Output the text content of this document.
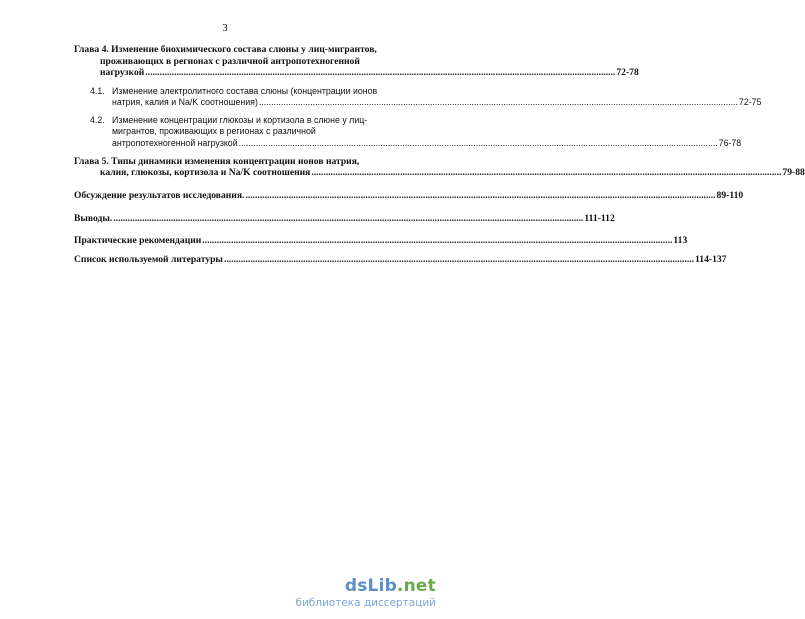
3
Глава 4. Изменение биохимического состава слюны у лиц-мигрантов,
проживающих в регионах с различной антропотехногенной
нагрузкой .....	72-78
4.1. Изменение электролитного состава слюны (концентрации ионов
натрия, калия и Na/K соотношения) .....	72-75
4.2. Изменение концентрации глюкозы и кортизола в слюне у лиц-
мигрантов, проживающих в регионах с различной
антропотехногенной нагрузкой .....	76-78
Глава 5. Типы динамики изменения концентрации ионов натрия,
калия, глюкозы, кортизола и Na/K соотношения .....	79-88
Обсуждение результатов исследования. .....	89-110
Выводы. .....	111-112
Практические рекомендации .....	113
Список используемой литературы .....	114-137
dsLib.net
библиотека диссертаций
